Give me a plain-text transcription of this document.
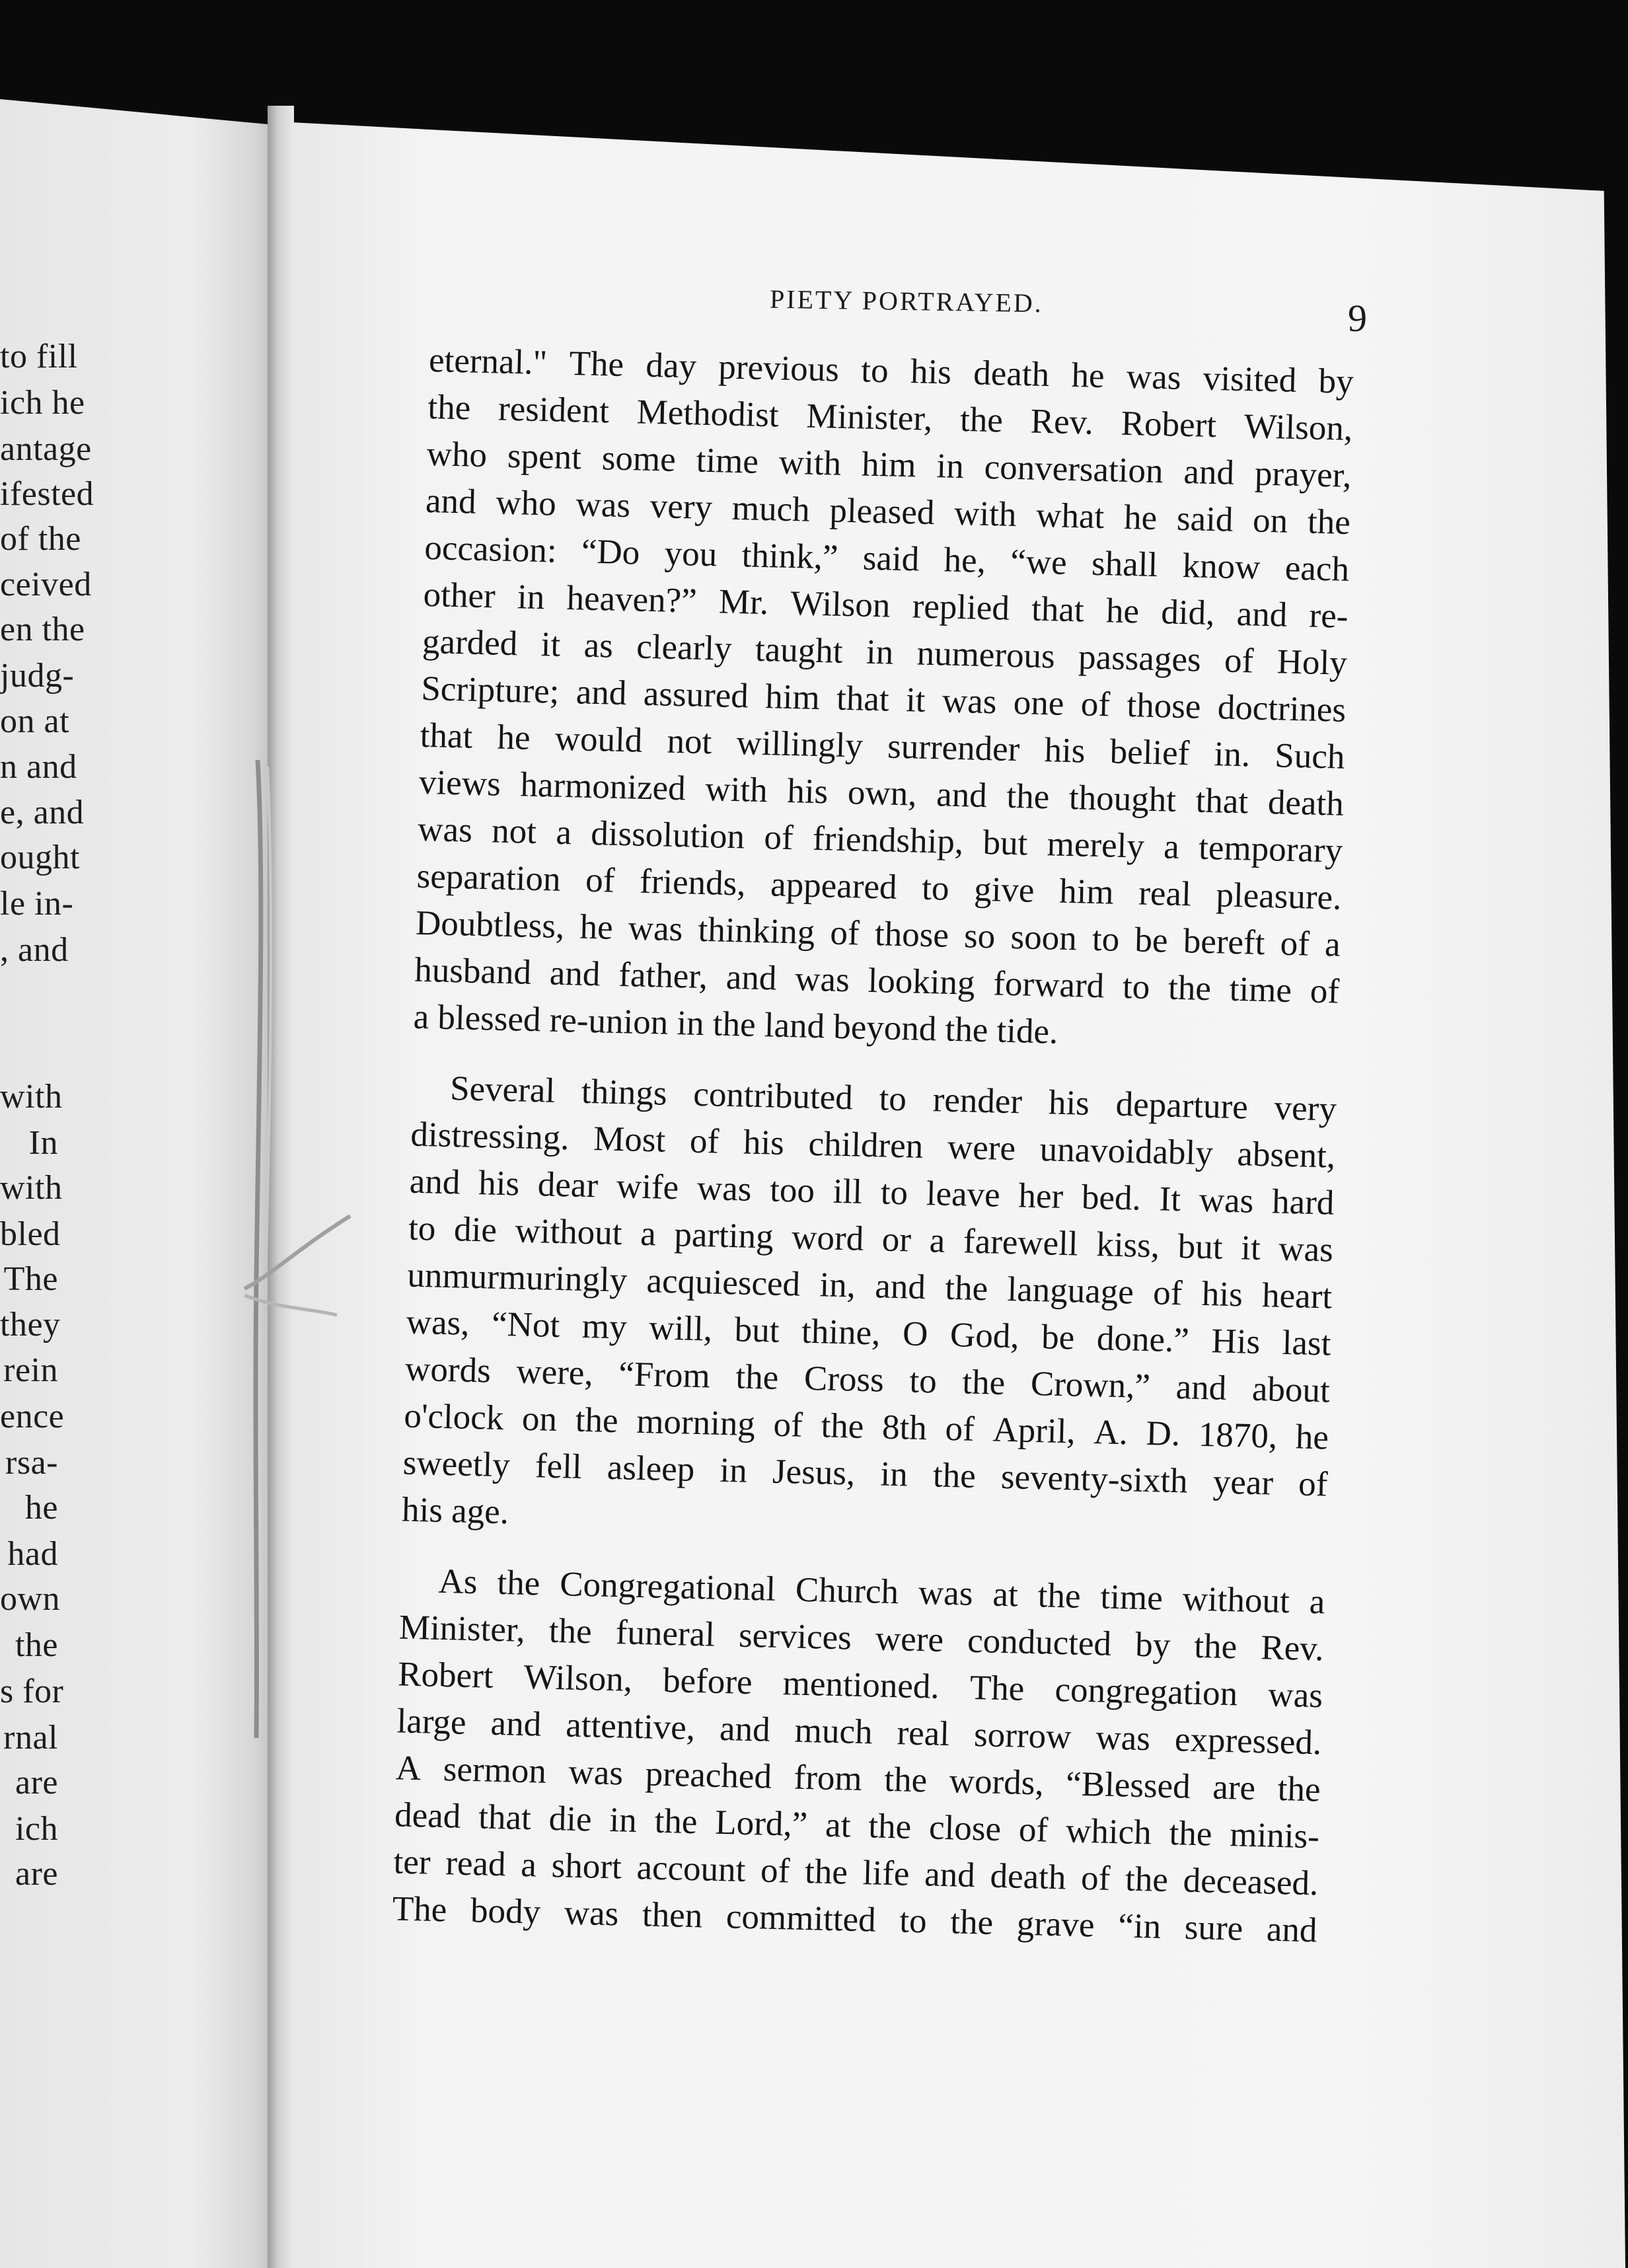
to fill
ich he
antage
ifested
of the
ceived
en the
judg-
on at
n and
e, and
ought
le in-
, and
with
In
with
bled
The
they
rein
ence
rsa-
he
had
own
the
s for
rnal
are
ich
are
PIETY PORTRAYED.	9
eternal." The day previous to his death he was visited by
the resident Methodist Minister, the Rev. Robert Wilson,
who spent some time with him in conversation and prayer,
and who was very much pleased with what he said on the
occasion: “Do you think,” said he, “we shall know each
other in heaven?” Mr. Wilson replied that he did, and re-
garded it as clearly taught in numerous passages of Holy
Scripture; and assured him that it was one of those doctrines
that he would not willingly surrender his belief in. Such
views harmonized with his own, and the thought that death
was not a dissolution of friendship, but merely a temporary
separation of friends, appeared to give him real pleasure.
Doubtless, he was thinking of those so soon to be bereft of a
husband and father, and was looking forward to the time of
a blessed re-union in the land beyond the tide.
Several things contributed to render his departure very
distressing. Most of his children were unavoidably absent,
and his dear wife was too ill to leave her bed. It was hard
to die without a parting word or a farewell kiss, but it was
unmurmuringly acquiesced in, and the language of his heart
was, “Not my will, but thine, O God, be done.” His last
words were, “From the Cross to the Crown,” and about
o'clock on the morning of the 8th of April, A. D. 1870, he
sweetly fell asleep in Jesus, in the seventy-sixth year of
his age.
As the Congregational Church was at the time without a
Minister, the funeral services were conducted by the Rev.
Robert Wilson, before mentioned. The congregation was
large and attentive, and much real sorrow was expressed.
A sermon was preached from the words, “Blessed are the
dead that die in the Lord,” at the close of which the minis-
ter read a short account of the life and death of the deceased.
The body was then committed to the grave “in sure and
